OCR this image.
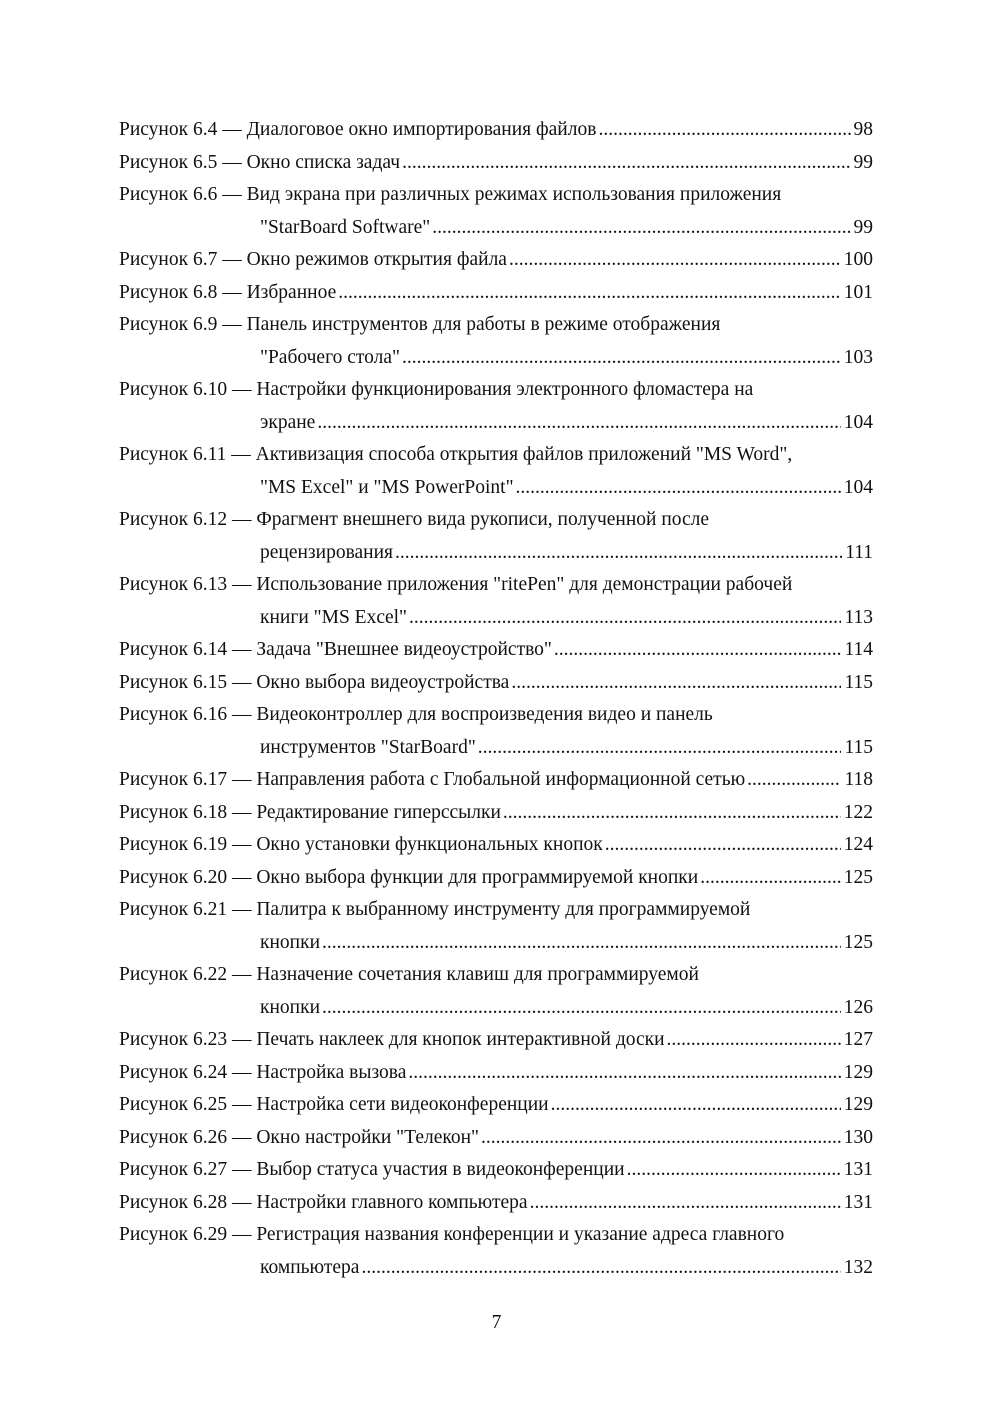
Рисунок 6.4 — Диалоговое окно импортирования файлов .....	98
Рисунок 6.5 — Окно списка задач .....	99
Рисунок 6.6 — Вид экрана при различных режимах использования приложения
"StarBoard Software" .....	99
Рисунок 6.7 — Окно режимов открытия файла .....	100
Рисунок 6.8 — Избранное .....	101
Рисунок 6.9 — Панель инструментов для работы в режиме отображения
"Рабочего стола" .....	103
Рисунок 6.10 — Настройки функционирования электронного фломастера на
экране .....	104
Рисунок 6.11 — Активизация способа открытия файлов приложений "MS Word",
"MS Excel" и "MS PowerPoint" .....	104
Рисунок 6.12 — Фрагмент внешнего вида рукописи, полученной после
рецензирования .....	111
Рисунок 6.13 — Использование приложения "ritePen" для демонстрации рабочей
книги "MS Excel" .....	113
Рисунок 6.14 — Задача "Внешнее видеоустройство" .....	114
Рисунок 6.15 — Окно выбора видеоустройства .....	115
Рисунок 6.16 — Видеоконтроллер для воспроизведения видео и панель
инструментов "StarBoard" .....	115
Рисунок 6.17 — Направления работа с Глобальной информационной сетью .....	118
Рисунок 6.18 — Редактирование гиперссылки .....	122
Рисунок 6.19 — Окно установки функциональных кнопок .....	124
Рисунок 6.20 — Окно выбора функции для программируемой кнопки .....	125
Рисунок 6.21 — Палитра к выбранному инструменту для программируемой
кнопки .....	125
Рисунок 6.22 — Назначение сочетания клавиш для программируемой
кнопки .....	126
Рисунок 6.23 — Печать наклеек для кнопок интерактивной доски .....	127
Рисунок 6.24 — Настройка вызова .....	129
Рисунок 6.25 — Настройка сети видеоконференции .....	129
Рисунок 6.26 — Окно настройки "Телекон" .....	130
Рисунок 6.27 — Выбор статуса участия в видеоконференции .....	131
Рисунок 6.28 — Настройки главного компьютера .....	131
Рисунок 6.29 — Регистрация названия конференции и указание адреса главного
компьютера .....	132
7
